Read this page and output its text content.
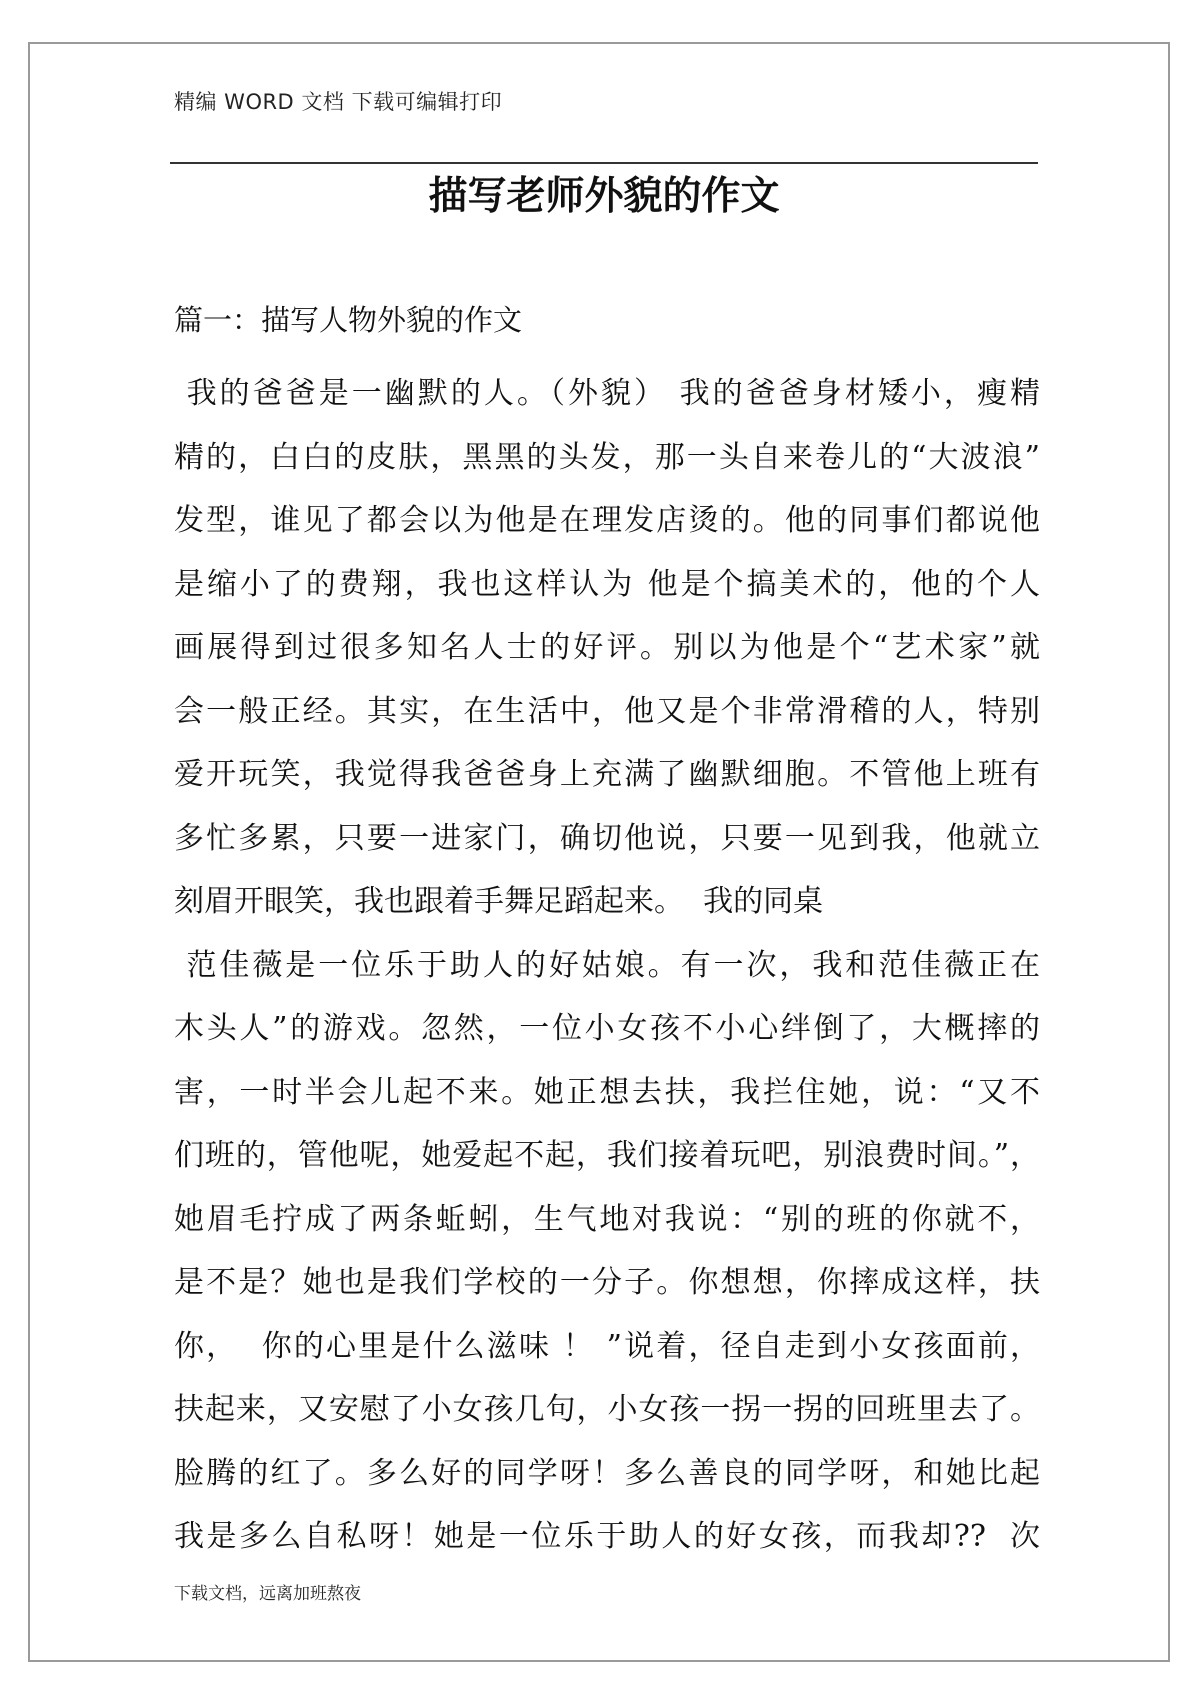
精编 WORD 文档 下载可编辑打印
描写老师外貌的作文
篇一：描写人物外貌的作文
我的爸爸是一幽默的人。（外貌） 我的爸爸身材矮小，瘦精
精的，白白的皮肤，黑黑的头发，那一头自来卷儿的“大波浪”
发型，谁见了都会以为他是在理发店烫的。他的同事们都说他
是缩小了的费翔，我也这样认为 他是个搞美术的，他的个人
画展得到过很多知名人士的好评。别以为他是个“艺术家”就
会一般正经。其实，在生活中，他又是个非常滑稽的人，特别
爱开玩笑，我觉得我爸爸身上充满了幽默细胞。不管他上班有
多忙多累，只要一进家门，确切他说，只要一见到我，他就立
刻眉开眼笑，我也跟着手舞足蹈起来。  我的同桌
范佳薇是一位乐于助人的好姑娘。有一次，我和范佳薇正在
木头人”的游戏。忽然，一位小女孩不小心绊倒了，大概摔的
害，一时半会儿起不来。她正想去扶，我拦住她，说：“又不
们班的，管他呢，她爱起不起，我们接着玩吧，别浪费时间。”，
她眉毛拧成了两条蚯蚓，生气地对我说：“别的班的你就不，
是不是？她也是我们学校的一分子。你想想，你摔成这样，扶
你，  你的心里是什么滋味 ！ ”说着，径自走到小女孩面前，
扶起来，又安慰了小女孩几句，小女孩一拐一拐的回班里去了。
脸腾的红了。多么好的同学呀！多么善良的同学呀，和她比起
我是多么自私呀！她是一位乐于助人的好女孩，而我却??  次
下载文档，远离加班熬夜
